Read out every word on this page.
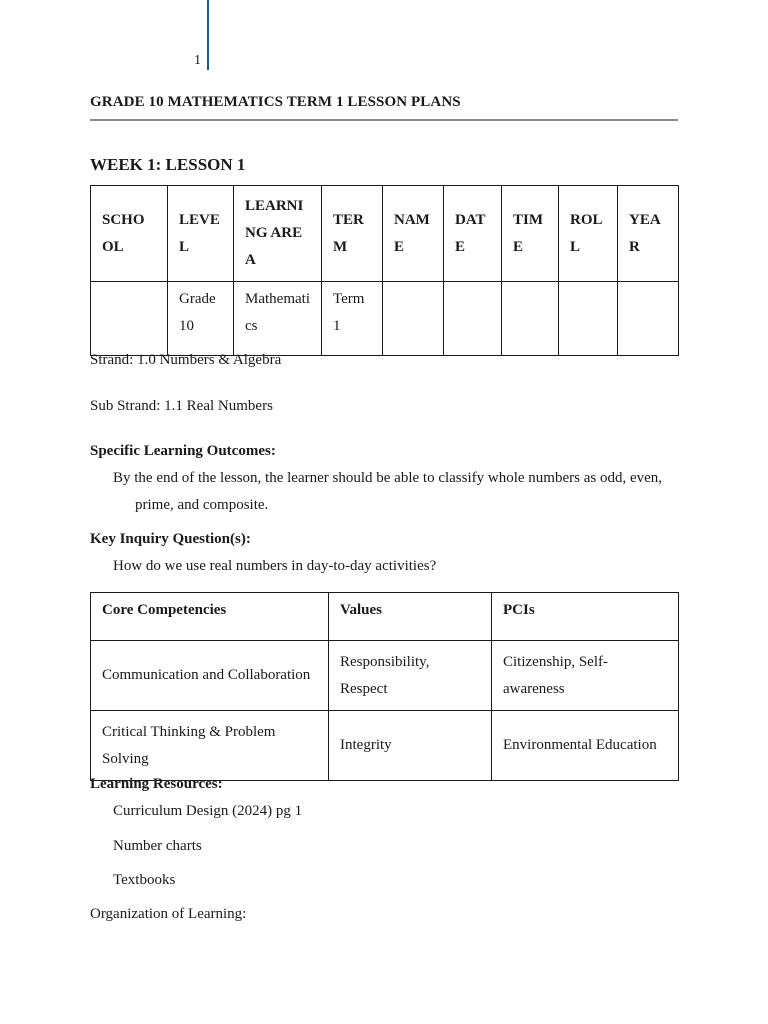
1
GRADE 10 MATHEMATICS TERM 1 LESSON PLANS
WEEK 1: LESSON 1
SCHO OL	LEVE L	LEARNI NG AREA	TER M	NAM E	DAT E	TIM E	ROL L	YEA R
	Grade 10	Mathemati cs	Term 1					
Strand: 1.0 Numbers & Algebra
Sub Strand: 1.1 Real Numbers
Specific Learning Outcomes:
By the end of the lesson, the learner should be able to classify whole numbers as odd, even,
prime, and composite.
Key Inquiry Question(s):
How do we use real numbers in day-to-day activities?
Core Competencies	Values	PCIs
Communication and Collaboration	Responsibility, Respect	Citizenship, Self-awareness
Critical Thinking & Problem Solving	Integrity	Environmental Education
Learning Resources:
Curriculum Design (2024) pg 1
Number charts
Textbooks
Organization of Learning:
